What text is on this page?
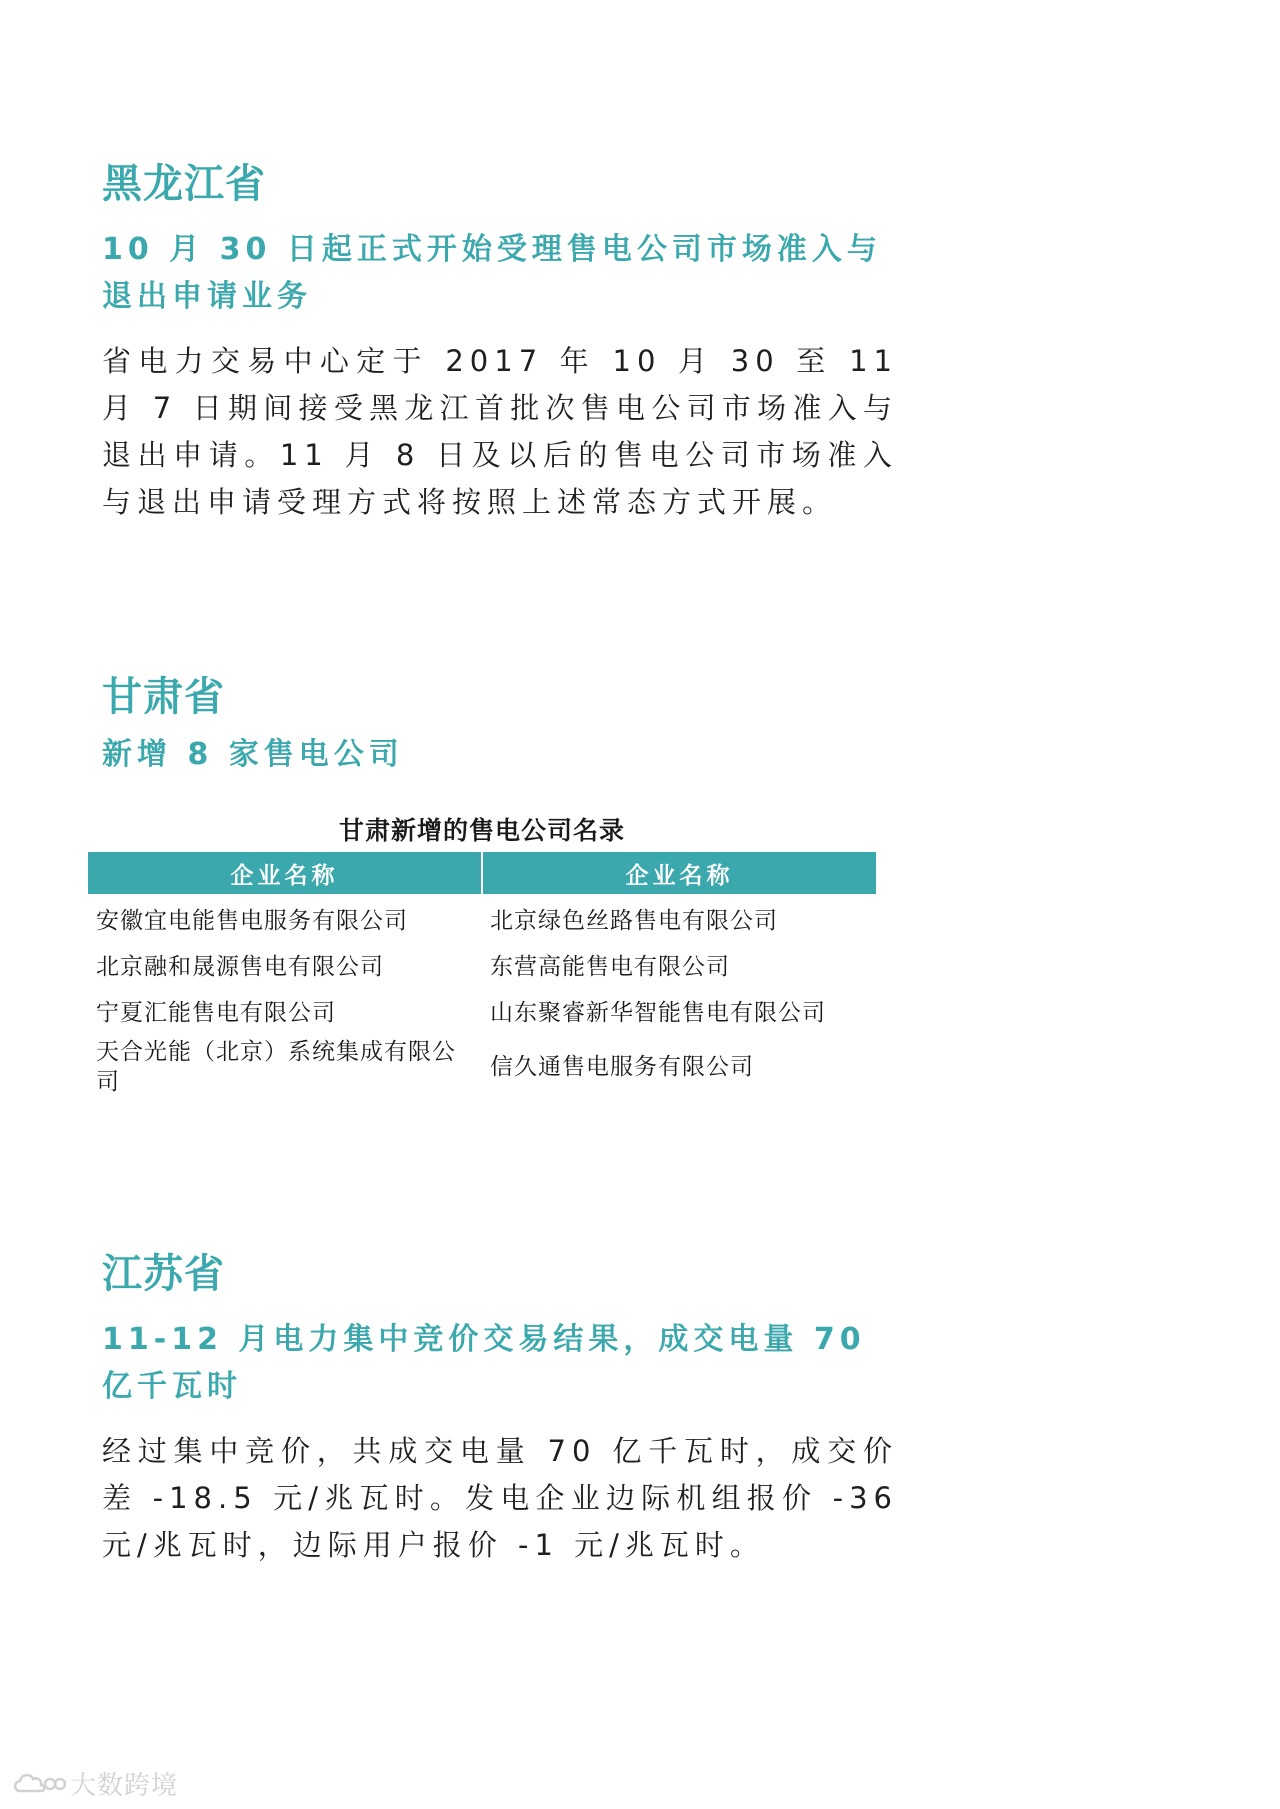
黑龙江省
10 月 30 日起正式开始受理售电公司市场准入与退出申请业务

省电力交易中心定于 2017 年 10 月 30 至 11 月 7 日期间接受黑龙江首批次售电公司市场准入与退出申请。11 月 8 日及以后的售电公司市场准入与退出申请受理方式将按照上述常态方式开展。

甘肃省
新增 8 家售电公司
甘肃新增的售电公司名录
企业名称	企业名称
安徽宜电能售电服务有限公司	北京绿色丝路售电有限公司
北京融和晟源售电有限公司	东营高能售电有限公司
宁夏汇能售电有限公司	山东聚睿新华智能售电有限公司
天合光能（北京）系统集成有限公司	信久通售电服务有限公司
江苏省
11-12 月电力集中竞价交易结果，成交电量 70 亿千瓦时

经过集中竞价，共成交电量 70 亿千瓦时，成交价差 -18.5 元/兆瓦时。发电企业边际机组报价 -36 元/兆瓦时，边际用户报价 -1 元/兆瓦时。

大数跨境
